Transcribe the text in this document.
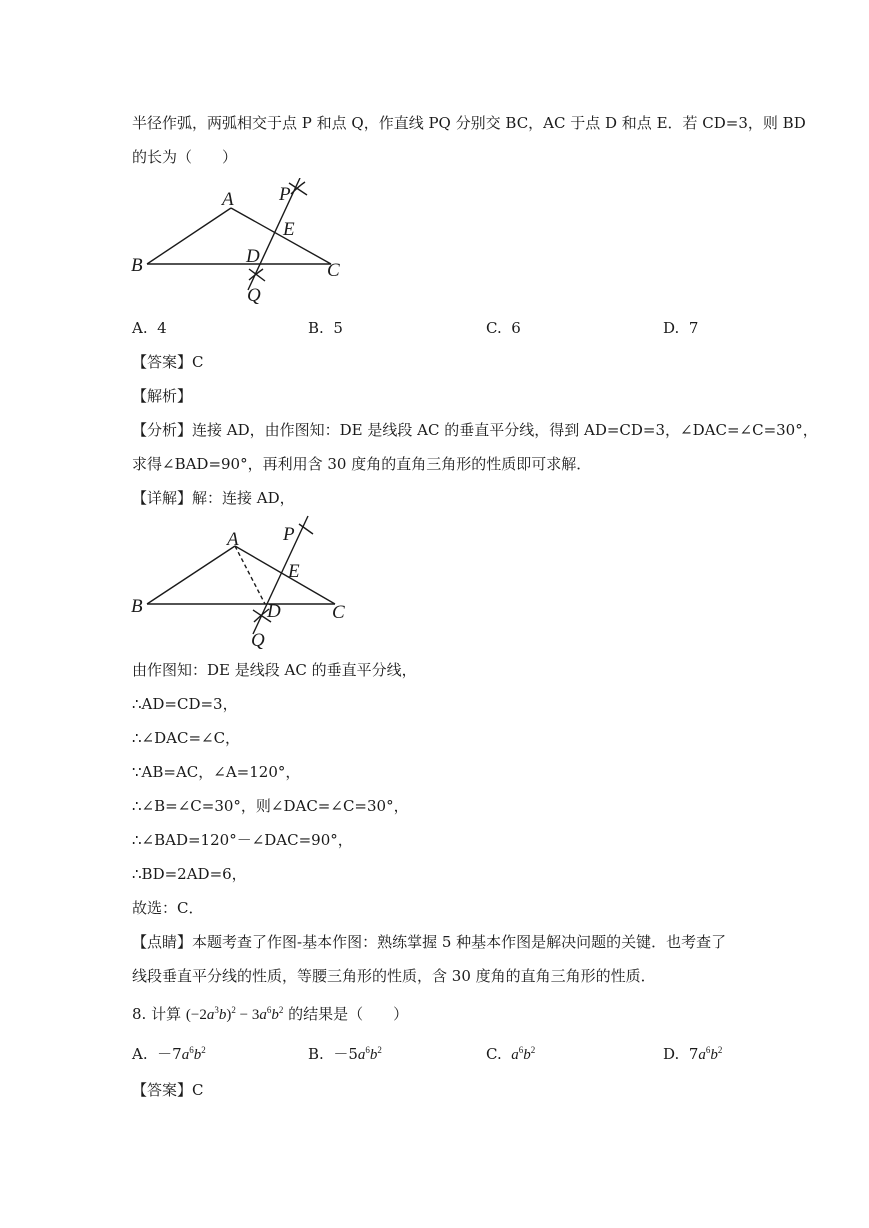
半径作弧，两弧相交于点 P 和点 Q，作直线 PQ 分别交 BC，AC 于点 D 和点 E．若 CD=3，则 BD
的长为（　　）
A
B	C
D
E
P
Q
A. 4	B. 5	C. 6	D. 7
【答案】C
【解析】
【分析】连接 AD，由作图知：DE 是线段 AC 的垂直平分线，得到 AD=CD=3，∠DAC=∠C=30°，
求得∠BAD=90°，再利用含 30 度角的直角三角形的性质即可求解．
【详解】解：连接 AD，
A
B	C
D
E
P
Q
由作图知：DE 是线段 AC 的垂直平分线，
∴AD=CD=3，
∴∠DAC=∠C，
∵AB=AC，∠A=120°，
∴∠B=∠C=30°，则∠DAC=∠C=30°，
∴∠BAD=120°－∠DAC=90°，
∴BD=2AD=6，
故选：C．
【点睛】本题考查了作图-基本作图：熟练掌握 5 种基本作图是解决问题的关键．也考查了
线段垂直平分线的性质，等腰三角形的性质，含 30 度角的直角三角形的性质．
8. 计算 $(-2a^3b)^2 - 3a^6b^2$ 的结果是（　　）
A. $-7a^6b^2$	B. $-5a^6b^2$	C. $a^6b^2$	D. $7a^6b^2$
【答案】C
